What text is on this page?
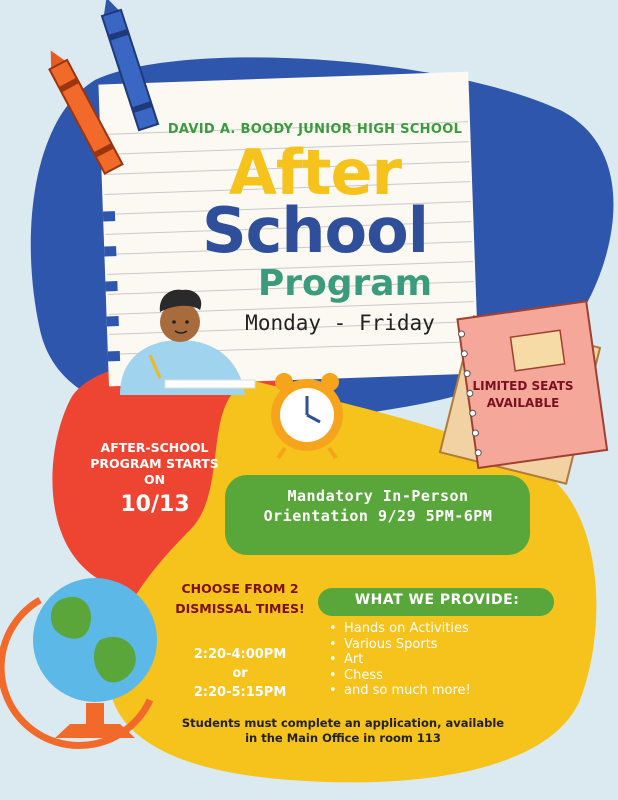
DAVID A. BOODY JUNIOR HIGH SCHOOL
After
School
Program
Monday - Friday
AFTER-SCHOOL PROGRAM STARTS ON
10/13
LIMITED SEATS AVAILABLE
Mandatory In-Person Orientation 9/29 5PM-6PM
CHOOSE FROM 2 DISMISSAL TIMES!
2:20-4:00PM
or
2:20-5:15PM
WHAT WE PROVIDE:
• Hands on Activities
• Various Sports
• Art
• Chess
• and so much more!
Students must complete an application, available in the Main Office in room 113
